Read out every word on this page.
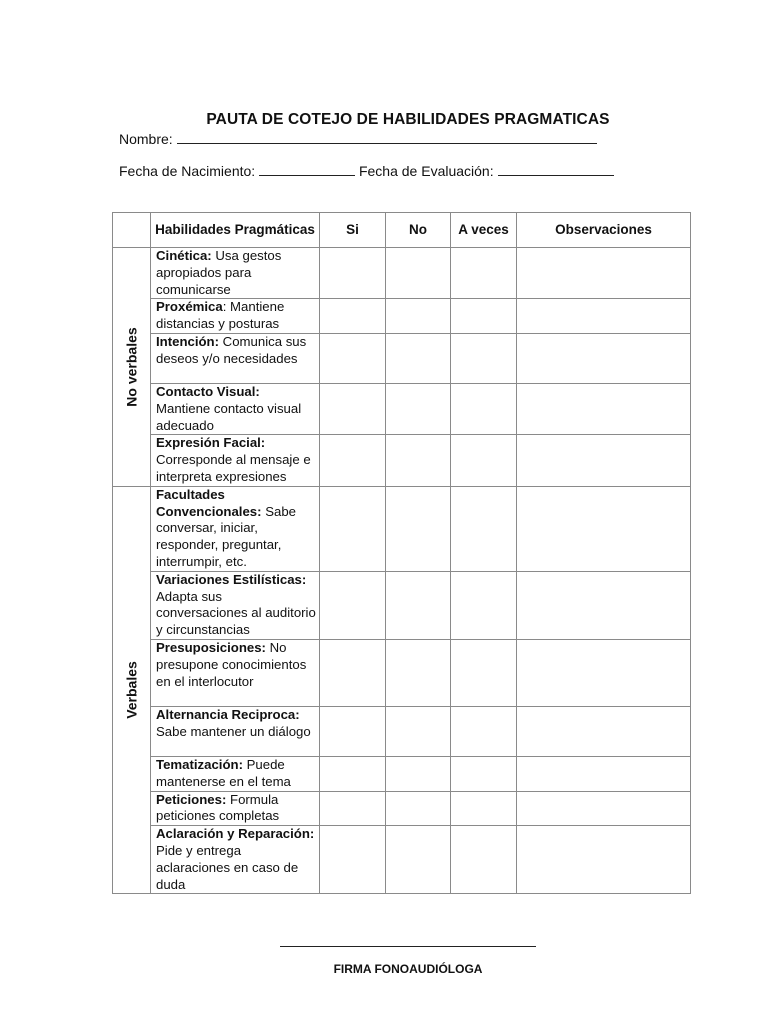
PAUTA DE COTEJO DE HABILIDADES PRAGMATICAS
Nombre:
Fecha de Nacimiento:	Fecha de Evaluación:
	Habilidades Pragmáticas	Si	No	A veces	Observaciones

No verbales	Cinética: Usa gestos apropiados para comunicarse				
	Proxémica: Mantiene distancias y posturas				
	Intención: Comunica sus deseos y/o necesidades				
	Contacto Visual: Mantiene contacto visual adecuado				
	Expresión Facial: Corresponde al mensaje e interpreta expresiones				

Verbales	Facultades Convencionales: Sabe conversar, iniciar, responder, preguntar, interrumpir, etc.				
	Variaciones Estilísticas: Adapta sus conversaciones al auditorio y circunstancias				
	Presuposiciones: No presupone conocimientos en el interlocutor				
	Alternancia Reciproca: Sabe mantener un diálogo				
	Tematización: Puede mantenerse en el tema				
	Peticiones: Formula peticiones completas				
	Aclaración y Reparación: Pide y entrega aclaraciones en caso de duda				
FIRMA FONOAUDIÓLOGA
